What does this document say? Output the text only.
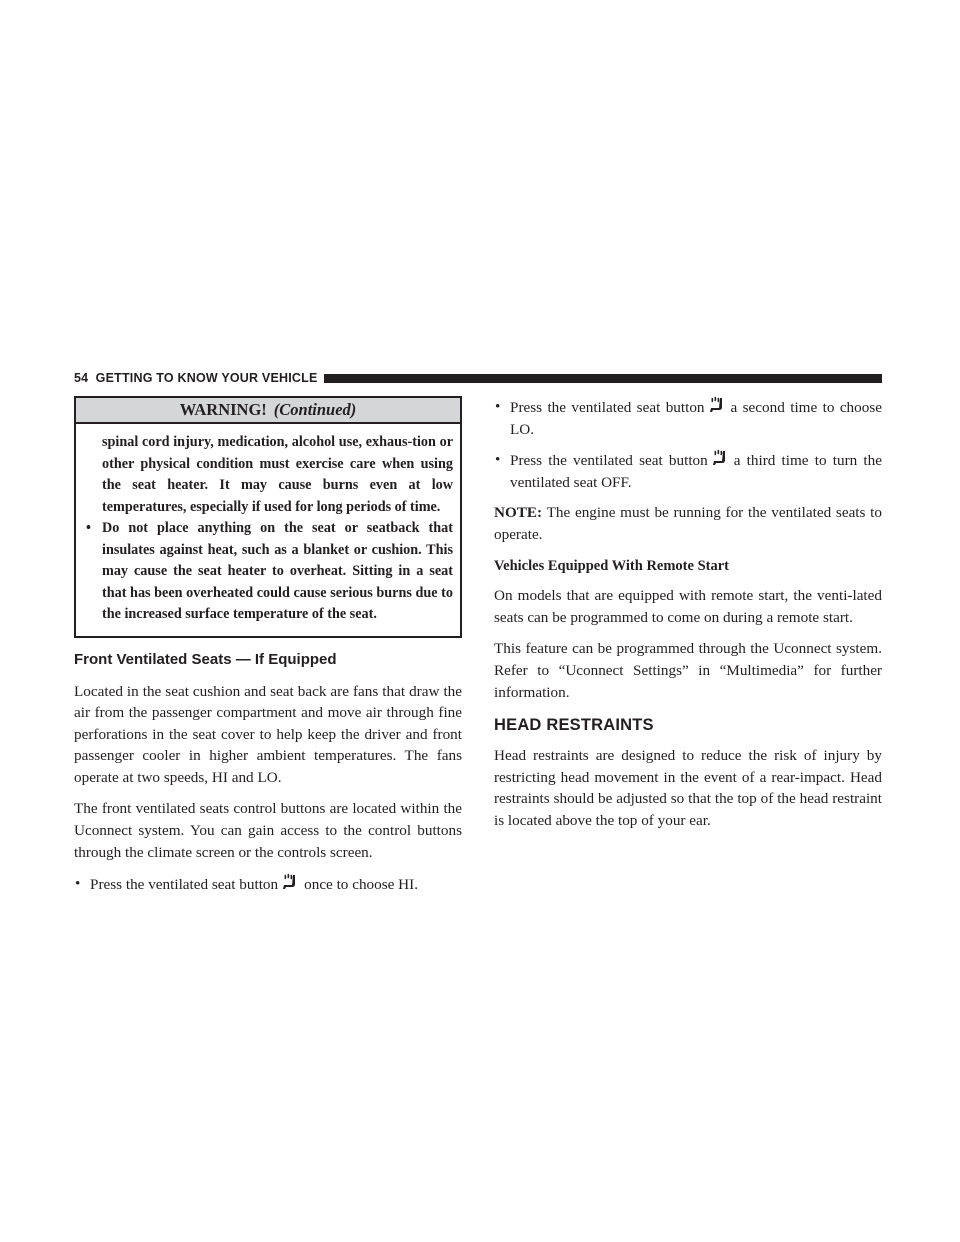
54 GETTING TO KNOW YOUR VEHICLE
WARNING! (Continued)

spinal cord injury, medication, alcohol use, exhaus-tion or other physical condition must exercise care when using the seat heater. It may cause burns even at low temperatures, especially if used for long periods of time.

• Do not place anything on the seat or seatback that insulates against heat, such as a blanket or cushion. This may cause the seat heater to overheat. Sitting in a seat that has been overheated could cause serious burns due to the increased surface temperature of the seat.
Front Ventilated Seats — If Equipped

Located in the seat cushion and seat back are fans that draw the air from the passenger compartment and move air through fine perforations in the seat cover to help keep the driver and front passenger cooler in higher ambient temperatures. The fans operate at two speeds, HI and LO.

The front ventilated seats control buttons are located within the Uconnect system. You can gain access to the control buttons through the climate screen or the controls screen.

• Press the ventilated seat button once to choose HI.
• Press the ventilated seat button a second time to choose LO.
• Press the ventilated seat button a third time to turn the ventilated seat OFF.

NOTE: The engine must be running for the ventilated seats to operate.

Vehicles Equipped With Remote Start

On models that are equipped with remote start, the venti-lated seats can be programmed to come on during a remote start.

This feature can be programmed through the Uconnect system. Refer to “Uconnect Settings” in “Multimedia” for further information.

HEAD RESTRAINTS

Head restraints are designed to reduce the risk of injury by restricting head movement in the event of a rear-impact. Head restraints should be adjusted so that the top of the head restraint is located above the top of your ear.
